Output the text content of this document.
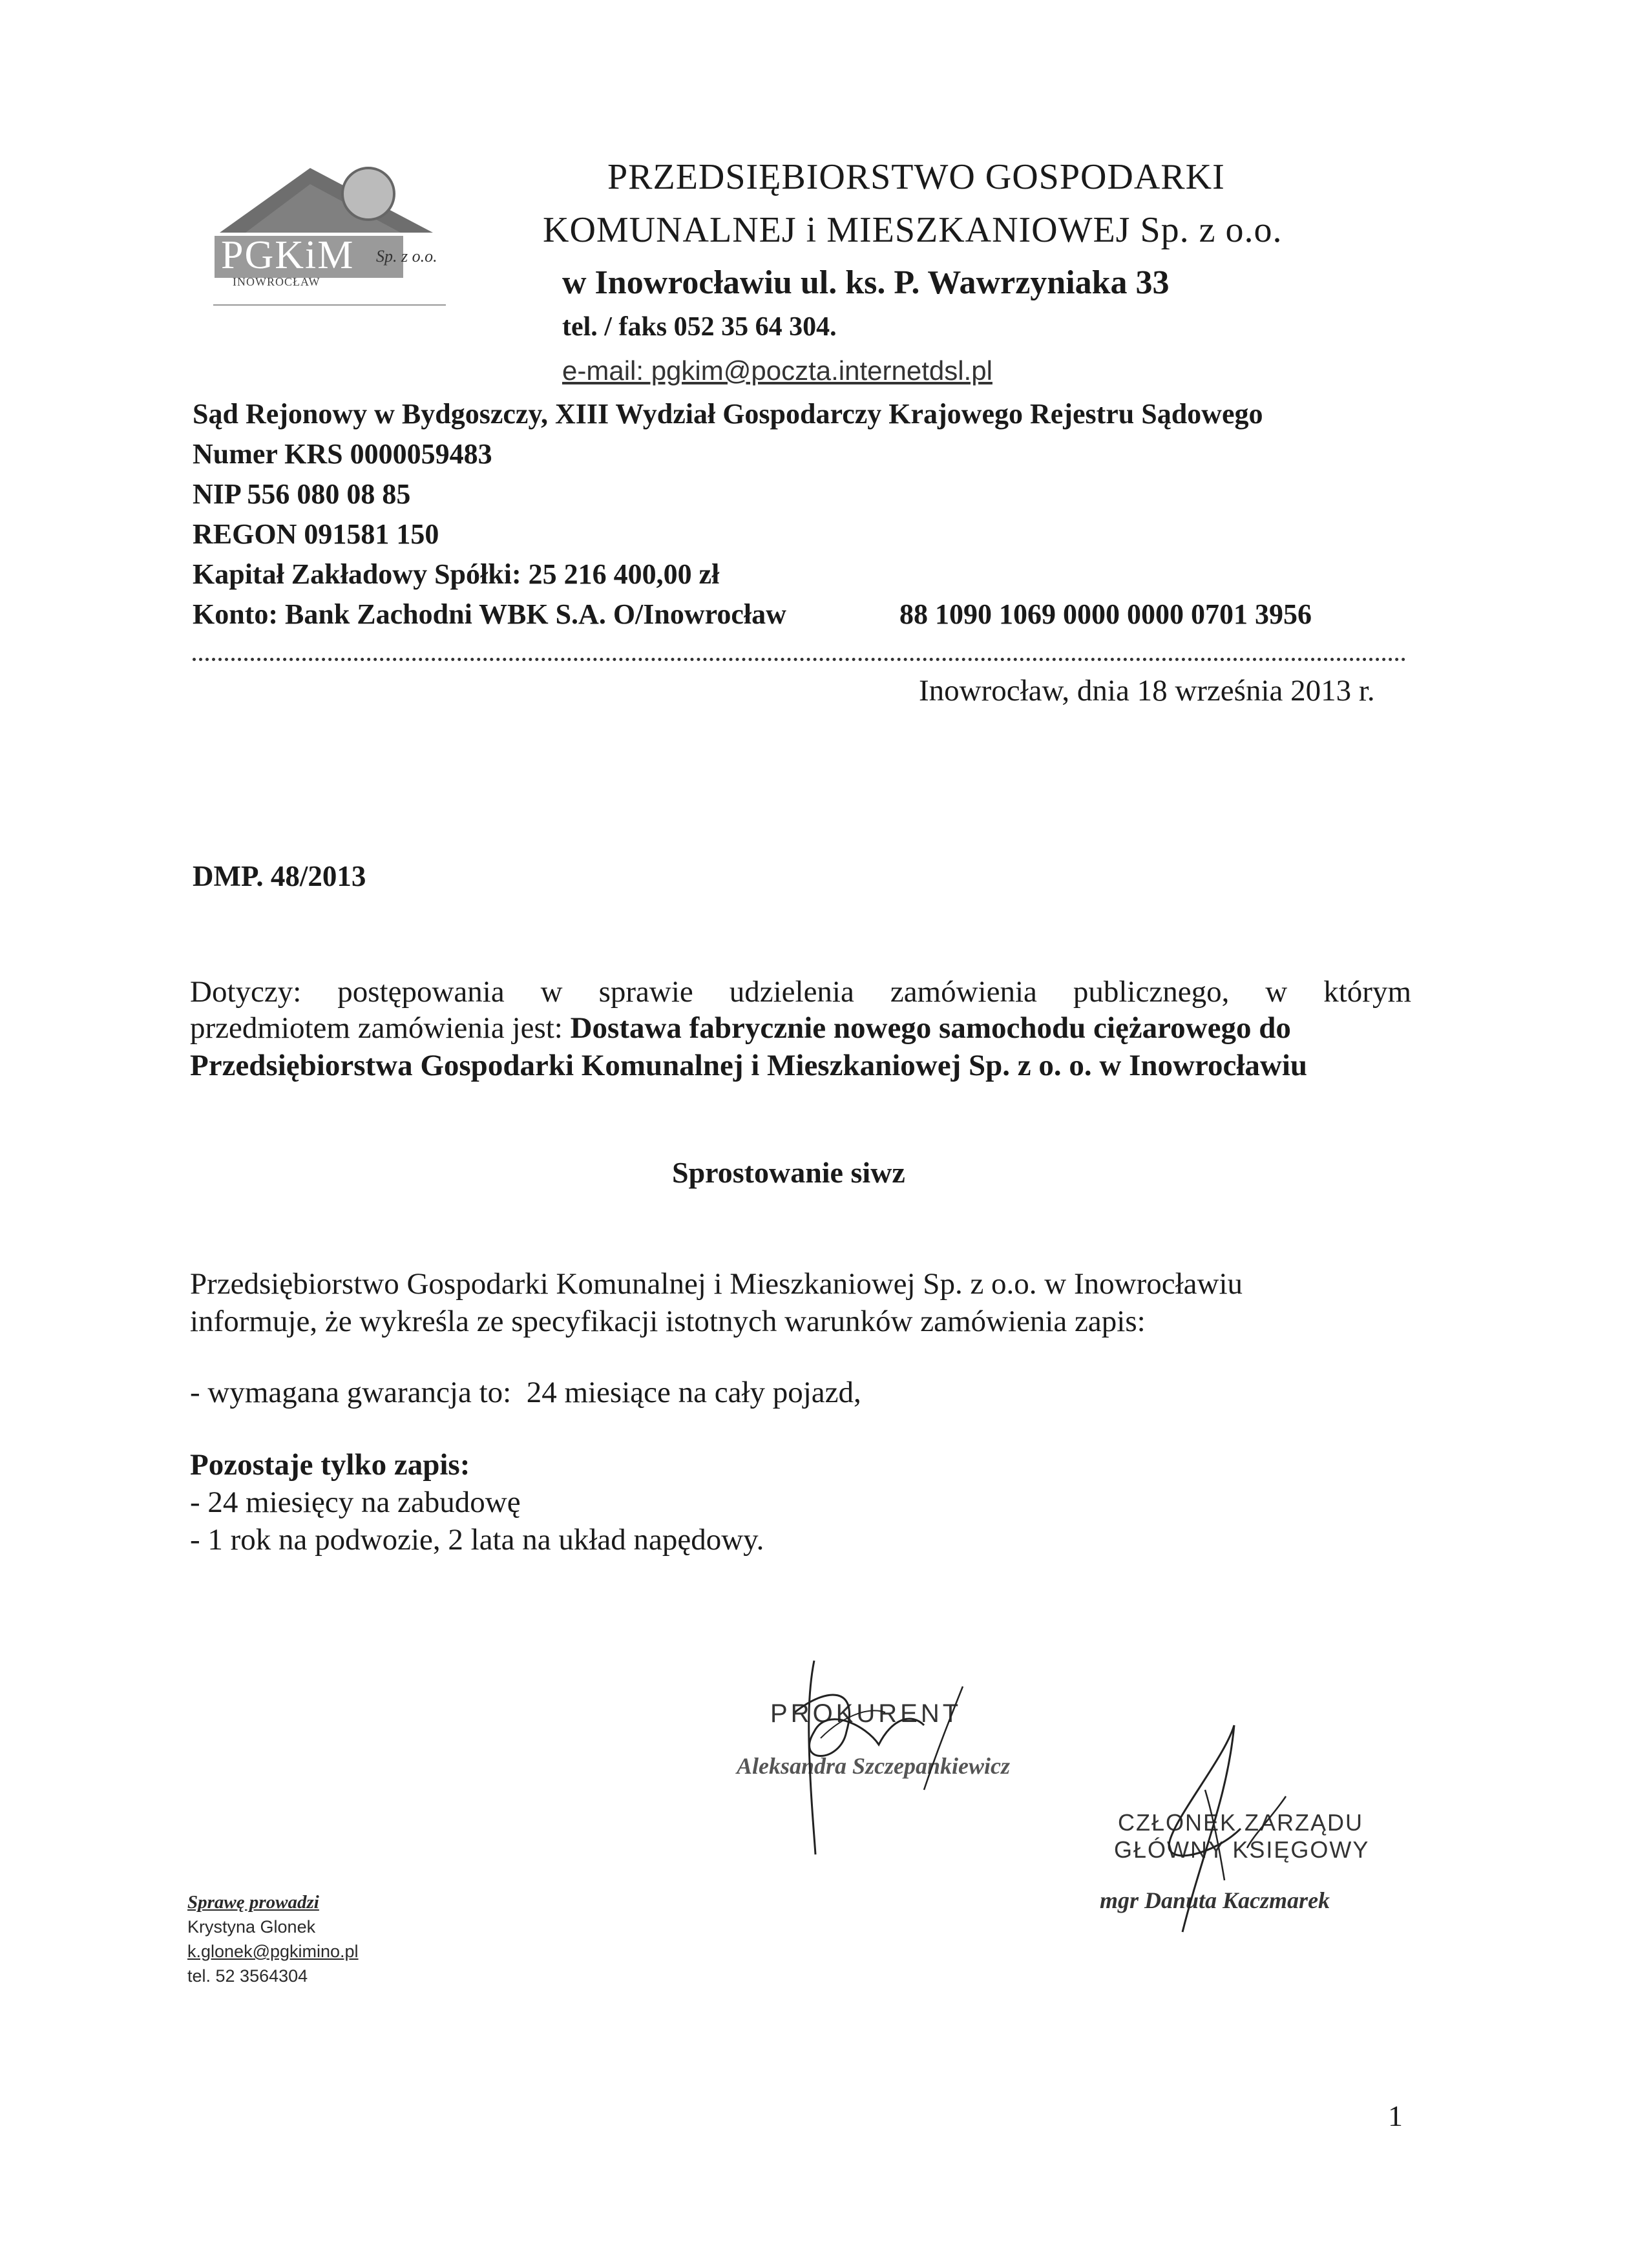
PGKiM Sp. z o.o.
INOWROCŁAW
PRZEDSIĘBIORSTWO GOSPODARKI
KOMUNALNEJ i MIESZKANIOWEJ Sp. z o.o.
w Inowrocławiu ul. ks. P. Wawrzyniaka 33
tel. / faks 052 35 64 304.
e-mail: pgkim@poczta.internetdsl.pl
Sąd Rejonowy w Bydgoszczy, XIII Wydział Gospodarczy Krajowego Rejestru Sądowego
Numer KRS 0000059483
NIP 556 080 08 85
REGON 091581 150
Kapitał Zakładowy Spółki: 25 216 400,00 zł
Konto: Bank Zachodni WBK S.A. O/Inowrocław	88 1090 1069 0000 0000 0701 3956
Inowrocław, dnia 18 września 2013 r.
DMP. 48/2013
Dotyczy: postępowania w sprawie udzielenia zamówienia publicznego, w którym
przedmiotem zamówienia jest: Dostawa fabrycznie nowego samochodu ciężarowego do
Przedsiębiorstwa Gospodarki Komunalnej i Mieszkaniowej Sp. z o. o. w Inowrocławiu
Sprostowanie siwz
Przedsiębiorstwo Gospodarki Komunalnej i Mieszkaniowej Sp. z o.o. w Inowrocławiu
informuje, że wykreśla ze specyfikacji istotnych warunków zamówienia zapis:
- wymagana gwarancja to:  24 miesiące na cały pojazd,
Pozostaje tylko zapis:
- 24 miesięcy na zabudowę
- 1 rok na podwozie, 2 lata na układ napędowy.
PROKURENT
Aleksandra Szczepankiewicz
CZŁONEK ZARZĄDU
GŁÓWNY KSIĘGOWY
mgr Danuta Kaczmarek
Sprawę prowadzi
Krystyna Glonek
k.glonek@pgkimino.pl
tel. 52 3564304
1
